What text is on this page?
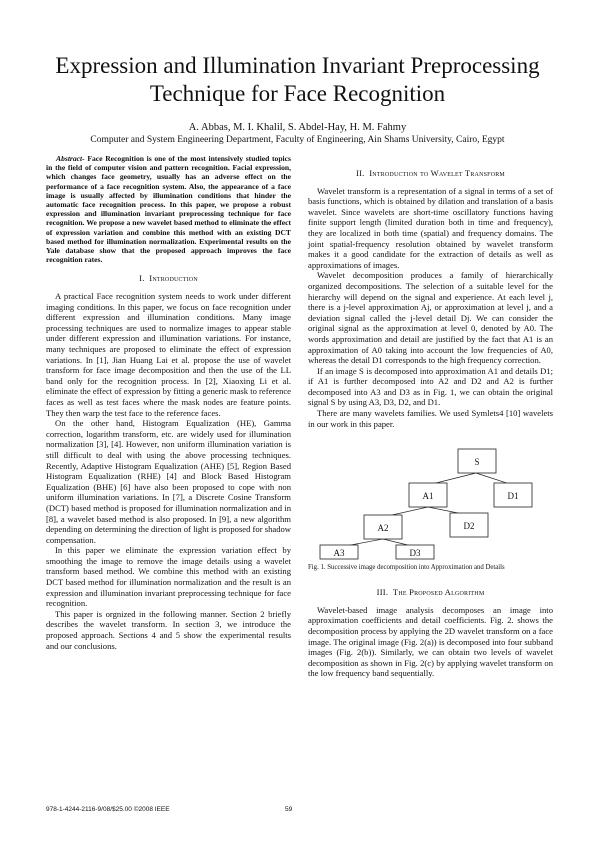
Expression and Illumination Invariant Preprocessing
Technique for Face Recognition
A. Abbas, M. I. Khalil, S. Abdel-Hay, H. M. Fahmy
Computer and System Engineering Department, Faculty of Engineering, Ain Shams University, Cairo, Egypt

Abstract- Face Recognition is one of the most intensively studied topics in the field of computer vision and pattern recognition. Facial expression, which changes face geometry, usually has an adverse effect on the performance of a face recognition system. Also, the appearance of a face image is usually affected by illumination conditions that hinder the automatic face recognition process. In this paper, we propose a robust expression and illumination invariant preprocessing technique for face recognition. We propose a new wavelet based method to eliminate the effect of expression variation and combine this method with an existing DCT based method for illumination normalization. Experimental results on the Yale database show that the proposed approach improves the face recognition rates.

I. Introduction

A practical Face recognition system needs to work under different imaging conditions. In this paper, we focus on face recognition under different expression and illumination conditions. Many image processing techniques are used to normalize images to appear stable under different expression and illumination variations. For instance, many techniques are proposed to eliminate the effect of expression variations. In [1], Jian Huang Lai et al. propose the use of wavelet transform for face image decomposition and then the use of the LL band only for the recognition process. In [2], Xiaoxing Li et al. eliminate the effect of expression by fitting a generic mask to reference faces as well as test faces where the mask nodes are feature points. They then warp the test face to the reference faces.

On the other hand, Histogram Equalization (HE), Gamma correction, logarithm transform, etc. are widely used for illumination normalization [3], [4]. However, non uniform illumination variation is still difficult to deal with using the above processing techniques. Recently, Adaptive Histogram Equalization (AHE) [5], Region Based Histogram Equalization (RHE) [4] and Block Based Histogram Equalization (BHE) [6] have also been proposed to cope with non uniform illumination variations. In [7], a Discrete Cosine Transform (DCT) based method is proposed for illumination normalization and in [8], a wavelet based method is also proposed. In [9], a new algorithm depending on determining the direction of light is proposed for shadow compensation.

In this paper we eliminate the expression variation effect by smoothing the image to remove the image details using a wavelet transform based method. We combine this method with an existing DCT based method for illumination normalization and the result is an expression and illumination invariant preprocessing technique for face recognition.

This paper is orgnized in the following manner. Section 2 briefly describes the wavelet transform. In section 3, we introduce the proposed approach. Sections 4 and 5 show the experimental results and our conclusions.

II. Introduction to Wavelet Transform

Wavelet transform is a representation of a signal in terms of a set of basis functions, which is obtained by dilation and translation of a basis wavelet. Since wavelets are short-time oscillatory functions having finite support length (limited duration both in time and frequency), they are localized in both time (spatial) and frequency domains. The joint spatial-frequency resolution obtained by wavelet transform makes it a good candidate for the extraction of details as well as approximations of images.

Wavelet decomposition produces a family of hierarchically organized decompositions. The selection of a suitable level for the hierarchy will depend on the signal and experience. At each level j, there is a j-level approximation Aj, or approximation at level j, and a deviation signal called the j-level detail Dj. We can consider the original signal as the approximation at level 0, denoted by A0. The words approximation and detail are justified by the fact that A1 is an approximation of A0 taking into account the low frequencies of A0, whereas the detail D1 corresponds to the high frequency correction.

If an image S is decomposed into approximation A1 and details D1; if A1 is further decomposed into A2 and D2 and A2 is further decomposed into A3 and D3 as in Fig. 1, we can obtain the original signal S by using A3, D3, D2, and D1.

There are many wavelets families. We used Symlets4 [10] wavelets in our work in this paper.

S
A1	D1
A2	D2
A3	D3
Fig. 1. Successive image decomposition into Approximation and Details
III. The Proposed Algorithm

Wavelet-based image analysis decomposes an image into approximation coefficients and detail coefficients. Fig. 2. shows the decomposition process by applying the 2D wavelet transform on a face image. The original image (Fig. 2(a)) is decomposed into four subband images (Fig. 2(b)). Similarly, we can obtain two levels of wavelet decomposition as shown in Fig. 2(c) by applying wavelet transform on the low frequency band sequentially.

978-1-4244-2116-9/08/$25.00 ©2008 IEEE	59
